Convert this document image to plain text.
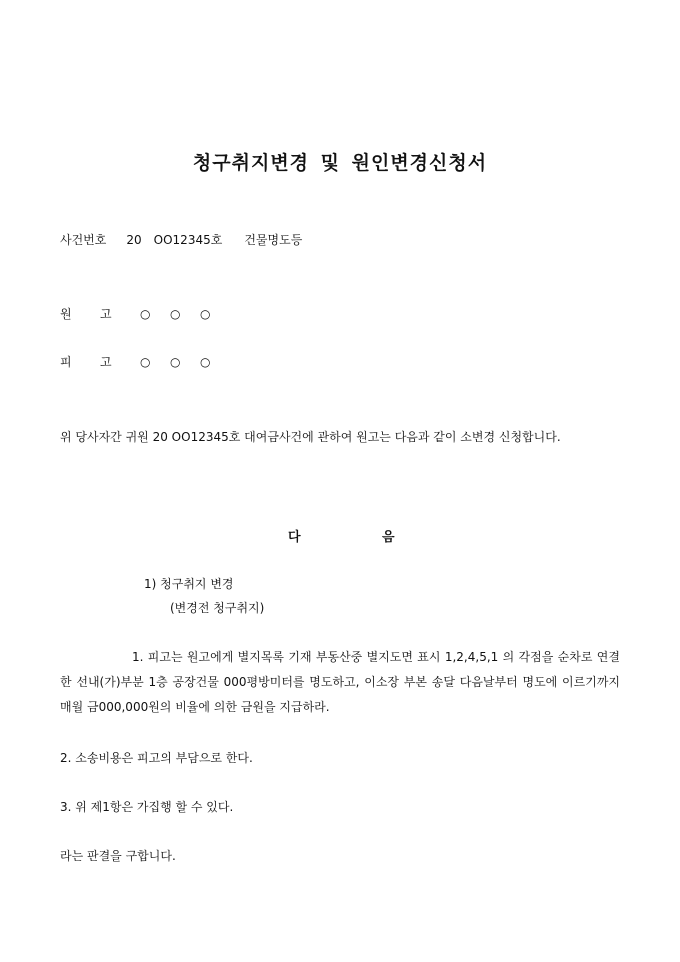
청구취지변경 및 원인변경신청서
사건번호 20 OO12345호 건물명도등
원 고 ○ ○ ○
피 고 ○ ○ ○
위 당사자간 귀원 20 OO12345호 대여금사건에 관하여 원고는 다음과 같이 소변경 신청합니다.
다	음
1) 청구취지 변경
(변경전 청구취지)
1. 피고는 원고에게 별지목록 기재 부동산중 별지도면 표시 1,2,4,5,1 의 각점을 순차로 연결한 선내(가)부분 1층 공장건물 000평방미터를 명도하고, 이소장 부본 송달 다음날부터 명도에 이르기까지 매월 금000,000원의 비율에 의한 금원을 지급하라.
2. 소송비용은 피고의 부담으로 한다.
3. 위 제1항은 가집행 할 수 있다.
라는 판결을 구합니다.
